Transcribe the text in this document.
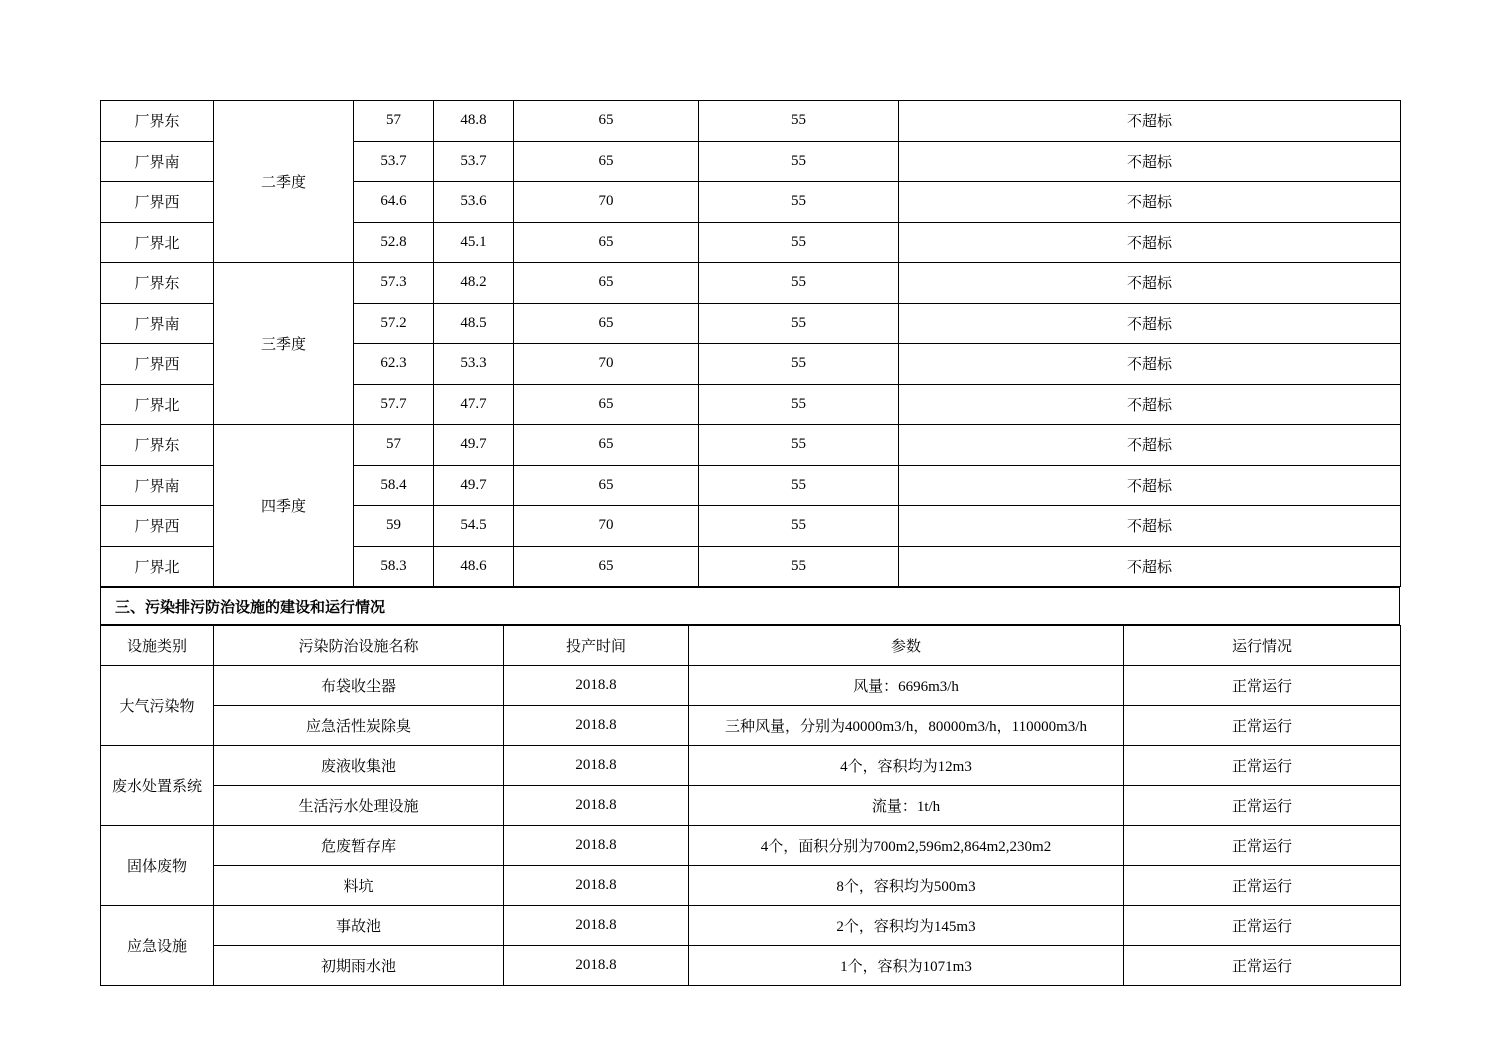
厂界东	二季度	57	48.8	65	55	不超标
厂界南		53.7	53.7	65	55	不超标
厂界西		64.6	53.6	70	55	不超标
厂界北		52.8	45.1	65	55	不超标
厂界东	三季度	57.3	48.2	65	55	不超标
厂界南		57.2	48.5	65	55	不超标
厂界西		62.3	53.3	70	55	不超标
厂界北		57.7	47.7	65	55	不超标
厂界东	四季度	57	49.7	65	55	不超标
厂界南		58.4	49.7	65	55	不超标
厂界西		59	54.5	70	55	不超标
厂界北		58.3	48.6	65	55	不超标
三、污染排污防治设施的建设和运行情况
设施类别	污染防治设施名称	投产时间	参数	运行情况
大气污染物	布袋收尘器	2018.8	风量：6696m3/h	正常运行
	应急活性炭除臭	2018.8	三种风量，分别为40000m3/h，80000m3/h，110000m3/h	正常运行
废水处置系统	废液收集池	2018.8	4个，容积均为12m3	正常运行
	生活污水处理设施	2018.8	流量：1t/h	正常运行
固体废物	危废暂存库	2018.8	4个，面积分别为700m2,596m2,864m2,230m2	正常运行
	料坑	2018.8	8个，容积均为500m3	正常运行
应急设施	事故池	2018.8	2个，容积均为145m3	正常运行
	初期雨水池	2018.8	1个，容积为1071m3	正常运行
